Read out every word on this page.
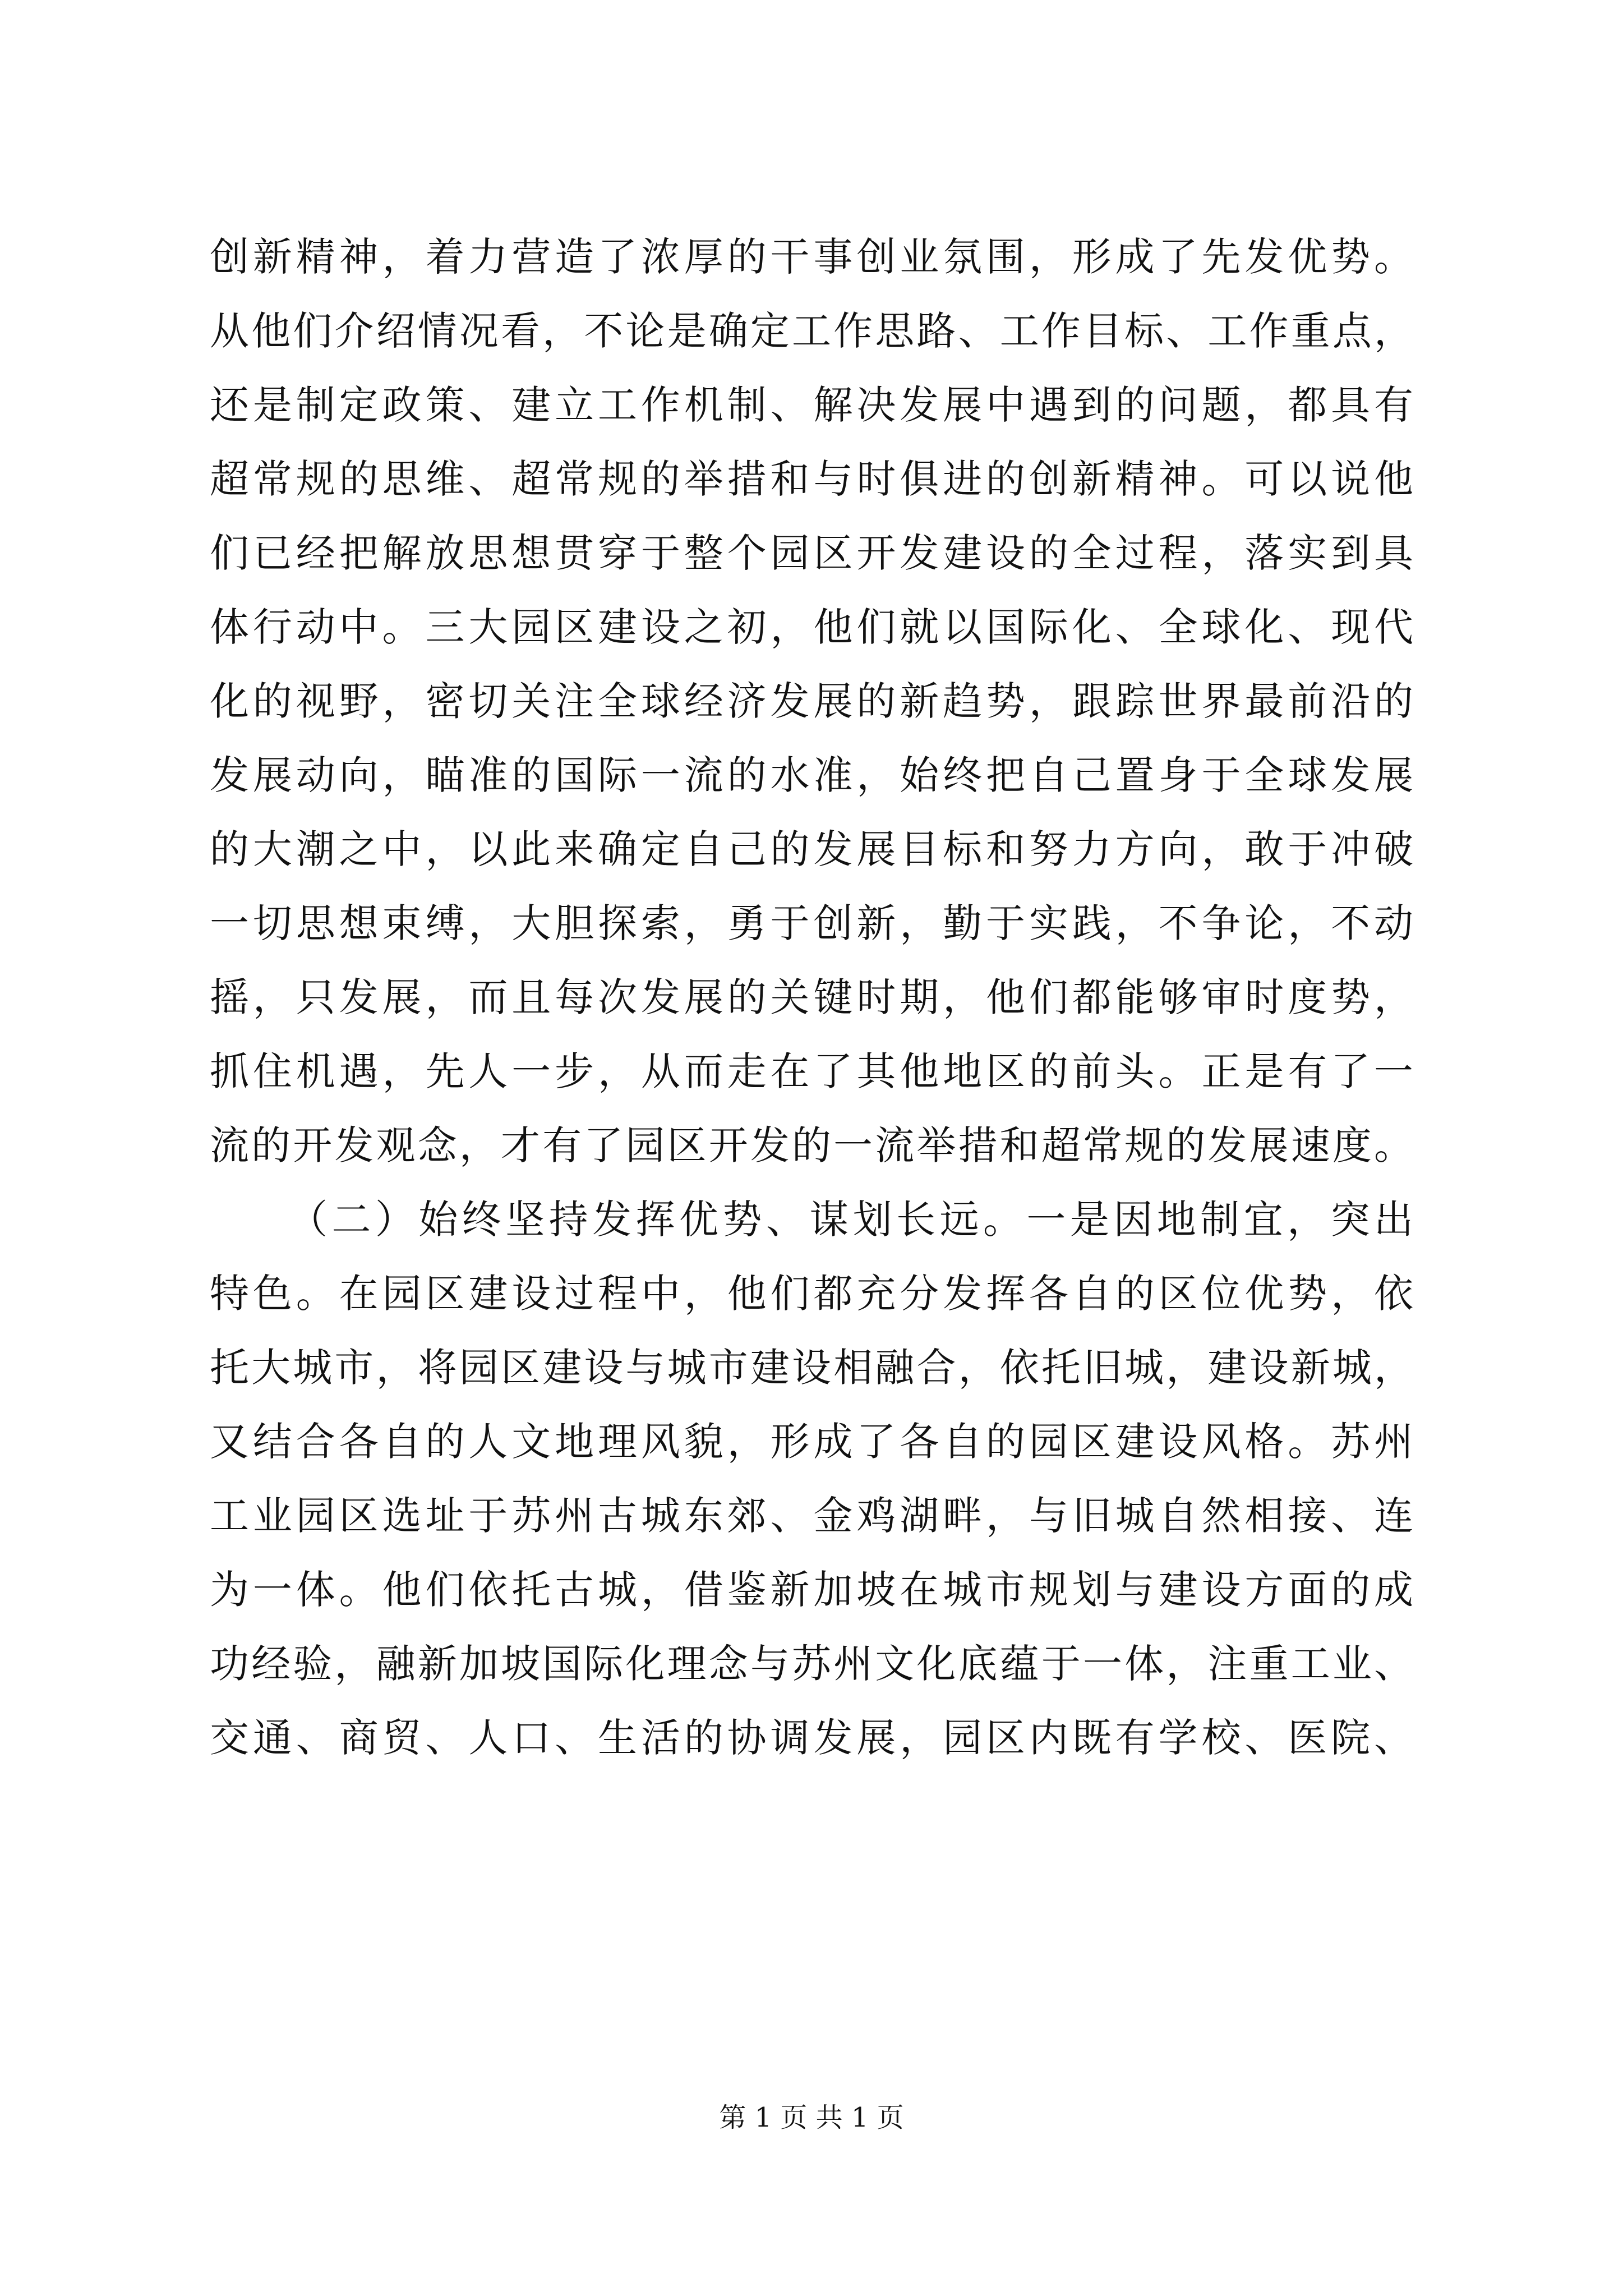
创新精神，着力营造了浓厚的干事创业氛围，形成了先发优势。
从他们介绍情况看，不论是确定工作思路、工作目标、工作重点，
还是制定政策、建立工作机制、解决发展中遇到的问题，都具有
超常规的思维、超常规的举措和与时俱进的创新精神。可以说他
们已经把解放思想贯穿于整个园区开发建设的全过程，落实到具
体行动中。三大园区建设之初，他们就以国际化、全球化、现代
化的视野，密切关注全球经济发展的新趋势，跟踪世界最前沿的
发展动向，瞄准的国际一流的水准，始终把自己置身于全球发展
的大潮之中，以此来确定自己的发展目标和努力方向，敢于冲破
一切思想束缚，大胆探索，勇于创新，勤于实践，不争论，不动
摇，只发展，而且每次发展的关键时期，他们都能够审时度势，
抓住机遇，先人一步，从而走在了其他地区的前头。正是有了一
流的开发观念，才有了园区开发的一流举措和超常规的发展速度。
（二）始终坚持发挥优势、谋划长远。一是因地制宜，突出
特色。在园区建设过程中，他们都充分发挥各自的区位优势，依
托大城市，将园区建设与城市建设相融合，依托旧城，建设新城，
又结合各自的人文地理风貌，形成了各自的园区建设风格。苏州
工业园区选址于苏州古城东郊、金鸡湖畔，与旧城自然相接、连
为一体。他们依托古城，借鉴新加坡在城市规划与建设方面的成
功经验，融新加坡国际化理念与苏州文化底蕴于一体，注重工业、
交通、商贸、人口、生活的协调发展，园区内既有学校、医院、
第 1 页 共 1 页
